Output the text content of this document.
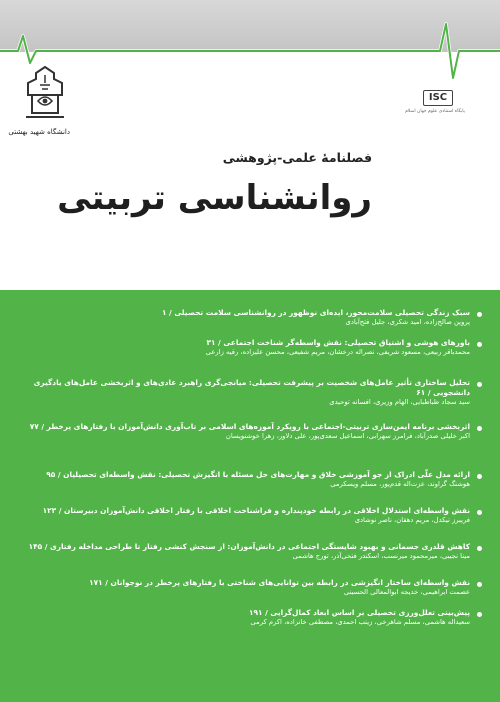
دانشگاه شهید بهشتی
ISC
پایگاه استنادی علوم جهان اسلام
فصلنامۀ علمی-پژوهشی
روانشناسی تربیتی
سبک زندگی تحصیلی سلامت‌محور، ایده‌ای نوظهور در روانشناسی سلامت تحصیلی / ۱
پروین صالح‌زاده، امید شکری، جلیل فتح‌آبادی
باورهای هوشی و اشتیاق تحصیلی: نقش واسطه‌گر شناخت اجتماعی / ۳۱
محمدباقر ربیعی، مسعود شریفی، نصراله درخشان، مریم شفیعی، محسن علیزاده، رقیه زارعی
تحلیل ساختاری تأثیر عامل‌های شخصیت بر پیشرفت تحصیلی: میانجی‌گری راهبرد عادی‌های و اثربخشی عامل‌های یادگیری دانشجویی / ۶۱
سید سجاد طباطبایی، الهام وزیری، افسانه توحیدی
اثربخشی برنامه ایمن‌سازی تربیتی-اجتماعی با رویکرد آموزه‌های اسلامی بر تاب‌آوری دانش‌آموزان با رفتارهای پرخطر / ۷۷
اکبر خلیلی صدرآباد، فرامرز سهرابی، اسماعیل سعدی‌پور، علی دلاور، زهرا خوشنویسان
ارائه مدل علّی ادراک از جو آموزشی خلاق و مهارت‌های حل مسئله با انگیزش تحصیلی: نقش واسطه‌ای تحصیلیان / ۹۵
هوشنگ گراوند، عزت‌اله قدم‌پور، مسلم ویسکرمی
نقش واسطه‌ای استدلال اخلاقی در رابطه خودپنداره و فراشناخت اخلاقی با رفتار اخلاقی دانش‌آموزان دبیرستان / ۱۲۳
فریبرز نیکدل، مریم دهقان، ناصر نوشادی
کاهش قلدری جسمانی و بهبود شایستگی اجتماعی در دانش‌آموزان: از سنجش کنشی رفتار تا طراحی مداخله رفتاری / ۱۴۵
مینا نجیبی، میرمحمود میرنسب، اسکندر فتحی‌آذر، تورج هاشمی
نقش واسطه‌ای ساختار انگیزشی در رابطه بین توانایی‌های شناختی با رفتارهای پرخطر در نوجوانان / ۱۷۱
عصمت ابراهیمی، خدیجه ابوالمعالی الحسینی
پیش‌بینی تعلل‌ورزی تحصیلی بر اساس ابعاد کمال‌گرایی / ۱۹۱
سعیداله هاشمی، مسلم شاهرخی، زینب احمدی، مصطفی خانزاده، اکرم کرمی
